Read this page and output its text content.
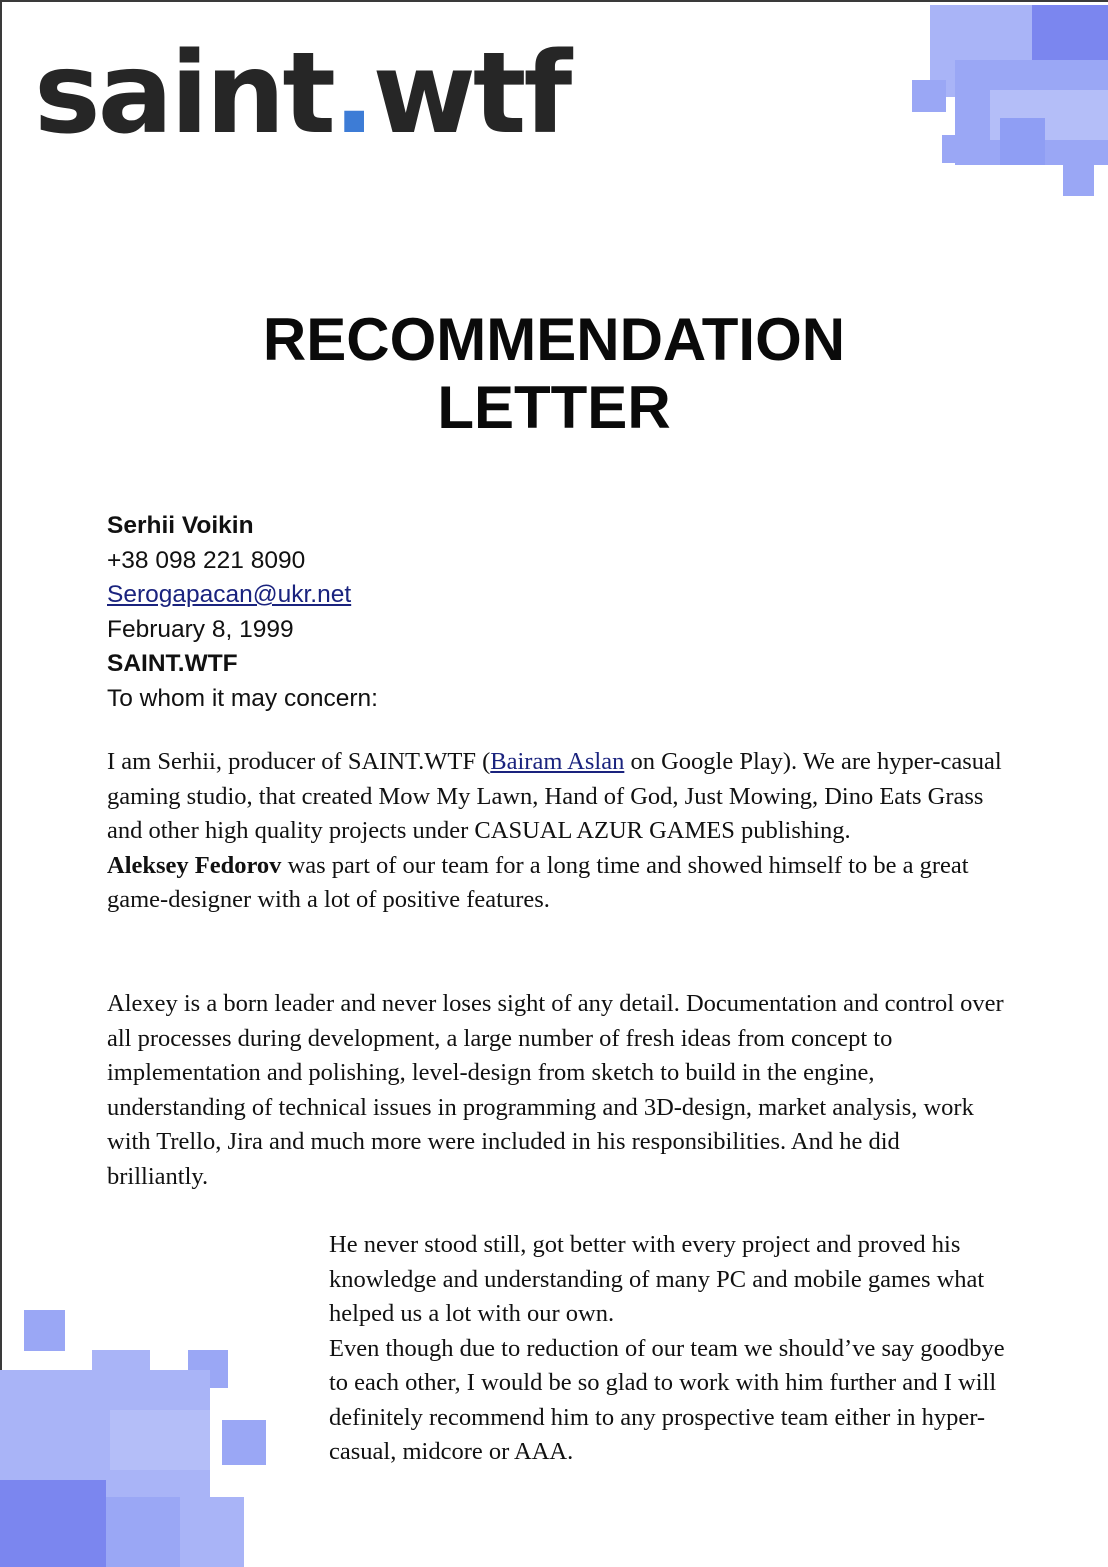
saint.wtf
RECOMMENDATION
LETTER
Serhii Voikin
+38 098 221 8090
Serogapacan@ukr.net
February 8, 1999
SAINT.WTF
To whom it may concern:

I am Serhii, producer of SAINT.WTF (Bairam Aslan on Google Play). We are hyper-casual gaming studio, that created Mow My Lawn, Hand of God, Just Mowing, Dino Eats Grass and other high quality projects under CASUAL AZUR GAMES publishing.

Aleksey Fedorov was part of our team for a long time and showed himself to be a great game-designer with a lot of positive features.

Alexey is a born leader and never loses sight of any detail. Documentation and control over all processes during development, a large number of fresh ideas from concept to implementation and polishing, level-design from sketch to build in the engine, understanding of technical issues in programming and 3D-design, market analysis, work with Trello, Jira and much more were included in his responsibilities. And he did brilliantly.

He never stood still, got better with every project and proved his knowledge and understanding of many PC and mobile games what helped us a lot with our own.

Even though due to reduction of our team we should’ve say goodbye to each other, I would be so glad to work with him further and I will definitely recommend him to any prospective team either in hyper-casual, midcore or AAA.
